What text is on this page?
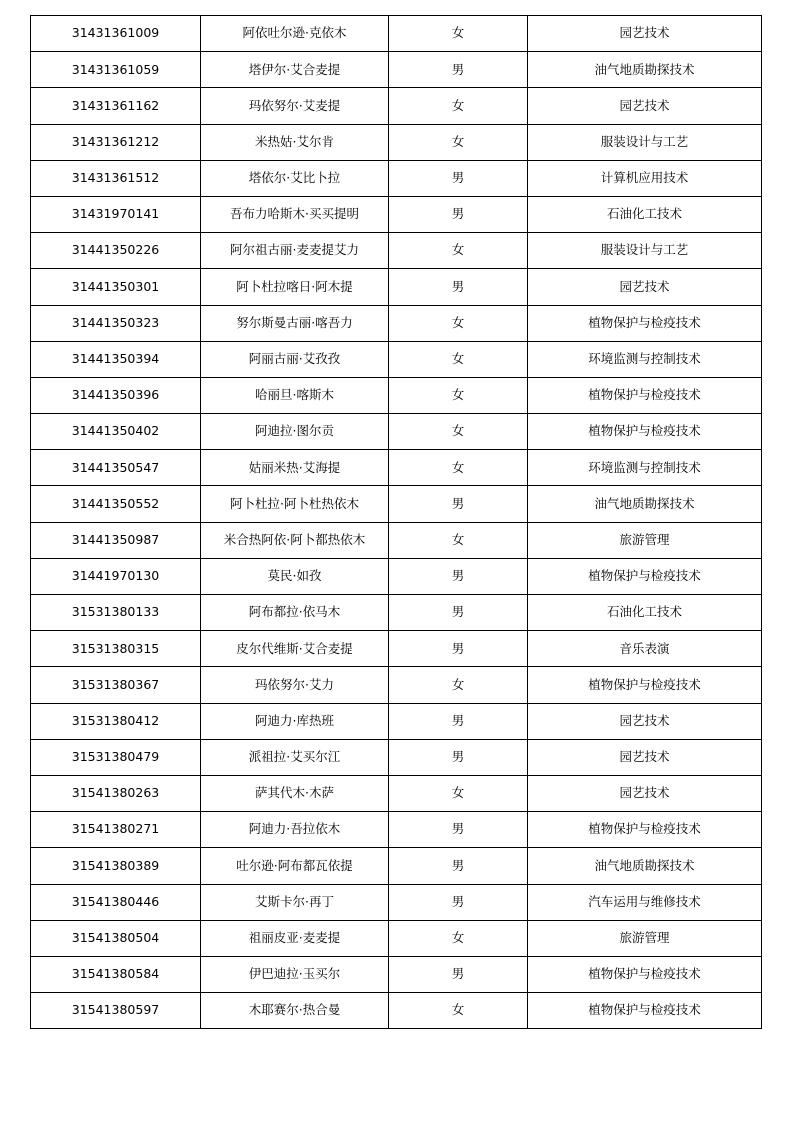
31431361009	阿依吐尔逊·克依木	女	园艺技术
31431361059	塔伊尔·艾合麦提	男	油气地质勘探技术
31431361162	玛依努尔·艾麦提	女	园艺技术
31431361212	米热姑·艾尔肯	女	服装设计与工艺
31431361512	塔依尔·艾比卜拉	男	计算机应用技术
31431970141	吾布力哈斯木·买买提明	男	石油化工技术
31441350226	阿尔祖古丽·麦麦提艾力	女	服装设计与工艺
31441350301	阿卜杜拉喀日·阿木提	男	园艺技术
31441350323	努尔斯曼古丽·喀吾力	女	植物保护与检疫技术
31441350394	阿丽古丽·艾孜孜	女	环境监测与控制技术
31441350396	哈丽旦·喀斯木	女	植物保护与检疫技术
31441350402	阿迪拉·图尔贡	女	植物保护与检疫技术
31441350547	姑丽米热·艾海提	女	环境监测与控制技术
31441350552	阿卜杜拉·阿卜杜热依木	男	油气地质勘探技术
31441350987	米合热阿依·阿卜都热依木	女	旅游管理
31441970130	莫民·如孜	男	植物保护与检疫技术
31531380133	阿布都拉·依马木	男	石油化工技术
31531380315	皮尔代维斯·艾合麦提	男	音乐表演
31531380367	玛依努尔·艾力	女	植物保护与检疫技术
31531380412	阿迪力·库热班	男	园艺技术
31531380479	派祖拉·艾买尔江	男	园艺技术
31541380263	萨其代木·木萨	女	园艺技术
31541380271	阿迪力·吾拉依木	男	植物保护与检疫技术
31541380389	吐尔逊·阿布都瓦依提	男	油气地质勘探技术
31541380446	艾斯卡尔·再丁	男	汽车运用与维修技术
31541380504	祖丽皮亚·麦麦提	女	旅游管理
31541380584	伊巴迪拉·玉买尔	男	植物保护与检疫技术
31541380597	木耶赛尔·热合曼	女	植物保护与检疫技术
